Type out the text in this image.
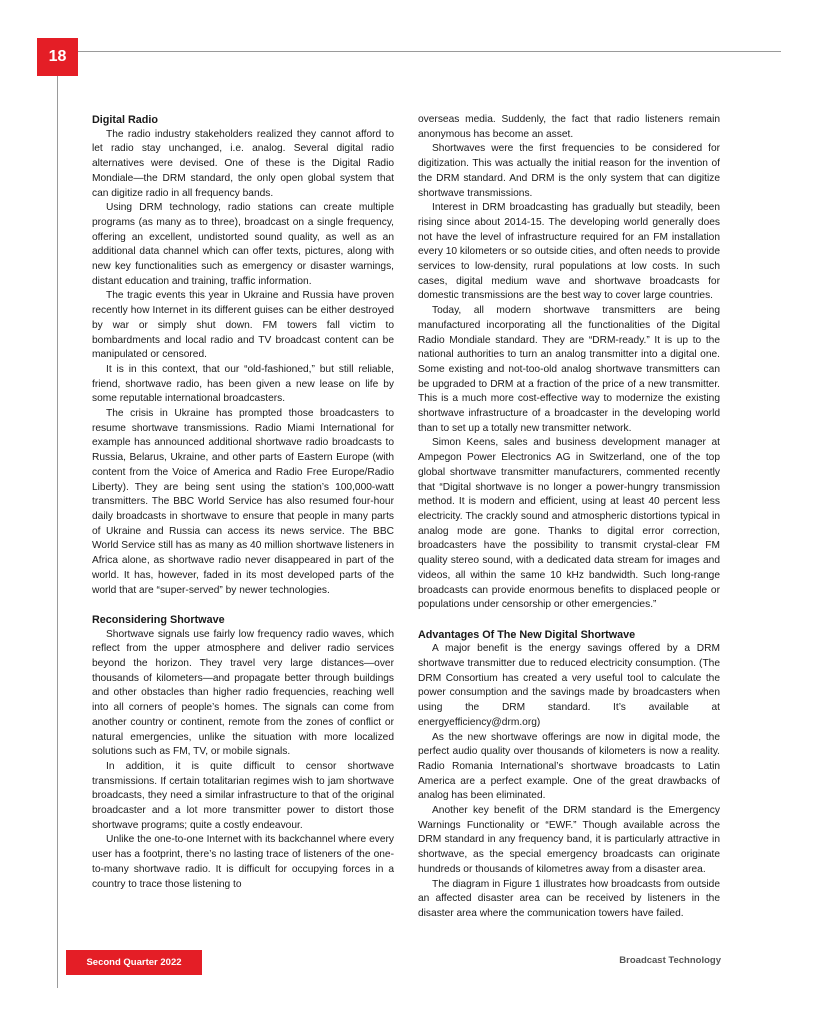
18
Digital Radio

The radio industry stakeholders realized they cannot afford to let radio stay unchanged, i.e. analog. Several digital radio alternatives were devised. One of these is the Digital Radio Mondiale—the DRM standard, the only open global system that can digitize radio in all frequency bands.

Using DRM technology, radio stations can create multiple programs (as many as to three), broadcast on a single frequency, offering an excellent, undistorted sound quality, as well as an additional data channel which can offer texts, pictures, along with new key functionalities such as emergency or disaster warnings, distant education and training, traffic information.

The tragic events this year in Ukraine and Russia have proven recently how Internet in its different guises can be either destroyed by war or simply shut down. FM towers fall victim to bombardments and local radio and TV broadcast content can be manipulated or censored.

It is in this context, that our “old-fashioned,” but still reliable, friend, shortwave radio, has been given a new lease on life by some reputable international broadcasters.

The crisis in Ukraine has prompted those broadcasters to resume shortwave transmissions. Radio Miami International for example has announced additional shortwave radio broadcasts to Russia, Belarus, Ukraine, and other parts of Eastern Europe (with content from the Voice of America and Radio Free Europe/Radio Liberty). They are being sent using the station’s 100,000-watt transmitters. The BBC World Service has also resumed four-hour daily broadcasts in shortwave to ensure that people in many parts of Ukraine and Russia can access its news service. The BBC World Service still has as many as 40 million shortwave listeners in Africa alone, as shortwave radio never disappeared in part of the world. It has, however, faded in its most developed parts of the world that are “super-served” by newer technologies.

Reconsidering Shortwave

Shortwave signals use fairly low frequency radio waves, which reflect from the upper atmosphere and deliver radio services beyond the horizon. They travel very large distances—over thousands of kilometers—and propagate better through buildings and other obstacles than higher radio frequencies, reaching well into all corners of people’s homes. The signals can come from another country or continent, remote from the zones of conflict or natural emergencies, unlike the situation with more localized solutions such as FM, TV, or mobile signals.

In addition, it is quite difficult to censor shortwave transmissions. If certain totalitarian regimes wish to jam shortwave broadcasts, they need a similar infrastructure to that of the original broadcaster and a lot more transmitter power to distort those shortwave programs; quite a costly endeavour.

Unlike the one-to-one Internet with its backchannel where every user has a footprint, there’s no lasting trace of listeners of the one-to-many shortwave radio. It is difficult for occupying forces in a country to trace those listening to

overseas media. Suddenly, the fact that radio listeners remain anonymous has become an asset.

Shortwaves were the first frequencies to be considered for digitization. This was actually the initial reason for the invention of the DRM standard. And DRM is the only system that can digitize shortwave transmissions.

Interest in DRM broadcasting has gradually but steadily, been rising since about 2014-15. The developing world generally does not have the level of infrastructure required for an FM installation every 10 kilometers or so outside cities, and often needs to provide services to low-density, rural populations at low costs. In such cases, digital medium wave and shortwave broadcasts for domestic transmissions are the best way to cover large countries.

Today, all modern shortwave transmitters are being manufactured incorporating all the functionalities of the Digital Radio Mondiale standard. They are “DRM-ready.” It is up to the national authorities to turn an analog transmitter into a digital one. Some existing and not-too-old analog shortwave transmitters can be upgraded to DRM at a fraction of the price of a new transmitter. This is a much more cost-effective way to modernize the existing shortwave infrastructure of a broadcaster in the developing world than to set up a totally new transmitter network.

Simon Keens, sales and business development manager at Ampegon Power Electronics AG in Switzerland, one of the top global shortwave transmitter manufacturers, commented recently that “Digital shortwave is no longer a power-hungry transmission method. It is modern and efficient, using at least 40 percent less electricity. The crackly sound and atmospheric distortions typical in analog mode are gone. Thanks to digital error correction, broadcasters have the possibility to transmit crystal-clear FM quality stereo sound, with a dedicated data stream for images and videos, all within the same 10 kHz bandwidth. Such long-range broadcasts can provide enormous benefits to displaced people or populations under censorship or other emergencies.”

Advantages Of The New Digital Shortwave

A major benefit is the energy savings offered by a DRM shortwave transmitter due to reduced electricity consumption. (The DRM Consortium has created a very useful tool to calculate the power consumption and the savings made by broadcasters when using the DRM standard. It’s available at energyefficiency@drm.org)

As the new shortwave offerings are now in digital mode, the perfect audio quality over thousands of kilometers is now a reality. Radio Romania International’s shortwave broadcasts to Latin America are a perfect example. One of the great drawbacks of analog has been eliminated.

Another key benefit of the DRM standard is the Emergency Warnings Functionality or “EWF.” Though available across the DRM standard in any frequency band, it is particularly attractive in shortwave, as the special emergency broadcasts can originate hundreds or thousands of kilometres away from a disaster area.

The diagram in Figure 1 illustrates how broadcasts from outside an affected disaster area can be received by listeners in the disaster area where the communication towers have failed.

Second Quarter 2022	Broadcast Technology
